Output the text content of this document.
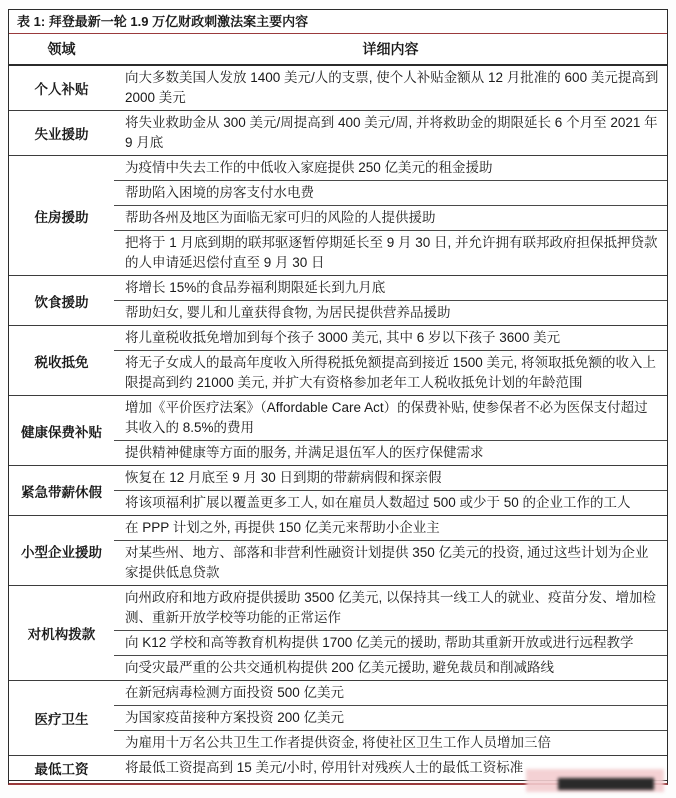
表 1: 拜登最新一轮 1.9 万亿财政刺激法案主要内容
领域	详细内容
个人补贴
向大多数美国人发放 1400 美元/人的支票, 使个人补贴金额从 12 月批准的 600 美元提高到 2000 美元
失业援助
将失业救助金从 300 美元/周提高到 400 美元/周, 并将救助金的期限延长 6 个月至 2021 年 9 月底
住房援助
为疫情中失去工作的中低收入家庭提供 250 亿美元的租金援助
帮助陷入困境的房客支付水电费
帮助各州及地区为面临无家可归的风险的人提供援助
把将于 1 月底到期的联邦驱逐暂停期延长至 9 月 30 日, 并允许拥有联邦政府担保抵押贷款的人申请延迟偿付直至 9 月 30 日
饮食援助
将增长 15%的食品券福利期限延长到九月底
帮助妇女, 婴儿和儿童获得食物, 为居民提供营养品援助
税收抵免
将儿童税收抵免增加到每个孩子 3000 美元, 其中 6 岁以下孩子 3600 美元
将无子女成人的最高年度收入所得税抵免额提高到接近 1500 美元, 将领取抵免额的收入上限提高到约 21000 美元, 并扩大有资格参加老年工人税收抵免计划的年龄范围
健康保费补贴
增加《平价医疗法案》（Affordable Care Act）的保费补贴, 使参保者不必为医保支付超过其收入的 8.5%的费用
提供精神健康等方面的服务, 并满足退伍军人的医疗保健需求
紧急带薪休假
恢复在 12 月底至 9 月 30 日到期的带薪病假和探亲假
将该项福利扩展以覆盖更多工人, 如在雇员人数超过 500 或少于 50 的企业工作的工人
小型企业援助
在 PPP 计划之外, 再提供 150 亿美元来帮助小企业主
对某些州、地方、部落和非营利性融资计划提供 350 亿美元的投资, 通过这些计划为企业家提供低息贷款
对机构拨款
向州政府和地方政府提供援助 3500 亿美元, 以保持其一线工人的就业、疫苗分发、增加检测、重新开放学校等功能的正常运作
向 K12 学校和高等教育机构提供 1700 亿美元的援助, 帮助其重新开放或进行远程教学
向受灾最严重的公共交通机构提供 200 亿美元援助, 避免裁员和削减路线
医疗卫生
在新冠病毒检测方面投资 500 亿美元
为国家疫苗接种方案投资 200 亿美元
为雇用十万名公共卫生工作者提供资金, 将使社区卫生工作人员增加三倍
最低工资	将最低工资提高到 15 美元/小时, 停用针对残疾人士的最低工资标准
